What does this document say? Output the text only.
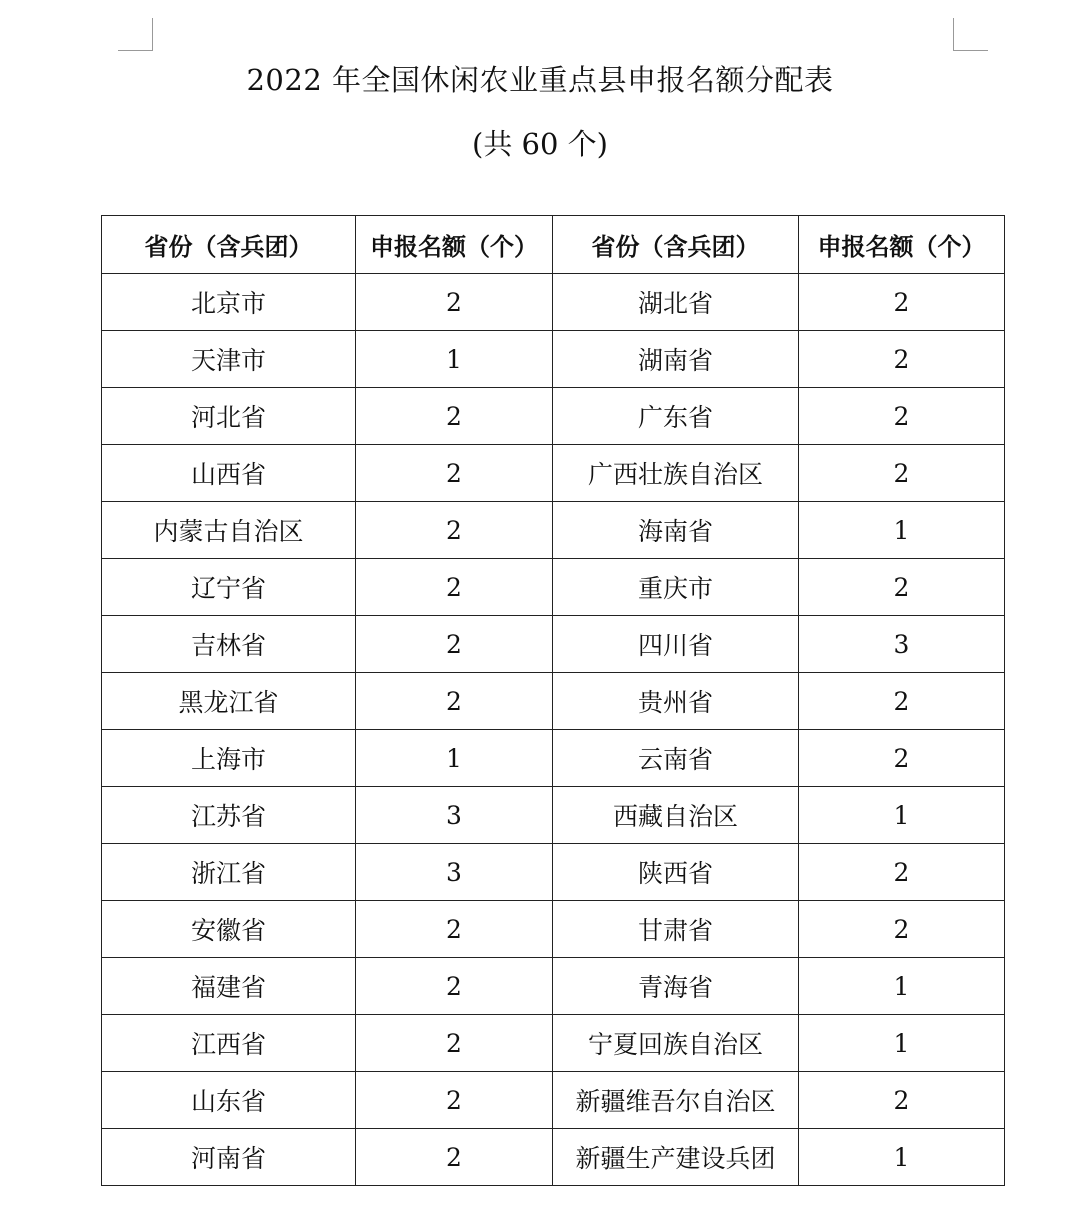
2022 年全国休闲农业重点县申报名额分配表
(共 60 个)
省份（含兵团）	申报名额（个）	省份（含兵团）	申报名额（个）
北京市	2	湖北省	2
天津市	1	湖南省	2
河北省	2	广东省	2
山西省	2	广西壮族自治区	2
内蒙古自治区	2	海南省	1
辽宁省	2	重庆市	2
吉林省	2	四川省	3
黑龙江省	2	贵州省	2
上海市	1	云南省	2
江苏省	3	西藏自治区	1
浙江省	3	陕西省	2
安徽省	2	甘肃省	2
福建省	2	青海省	1
江西省	2	宁夏回族自治区	1
山东省	2	新疆维吾尔自治区	2
河南省	2	新疆生产建设兵团	1
